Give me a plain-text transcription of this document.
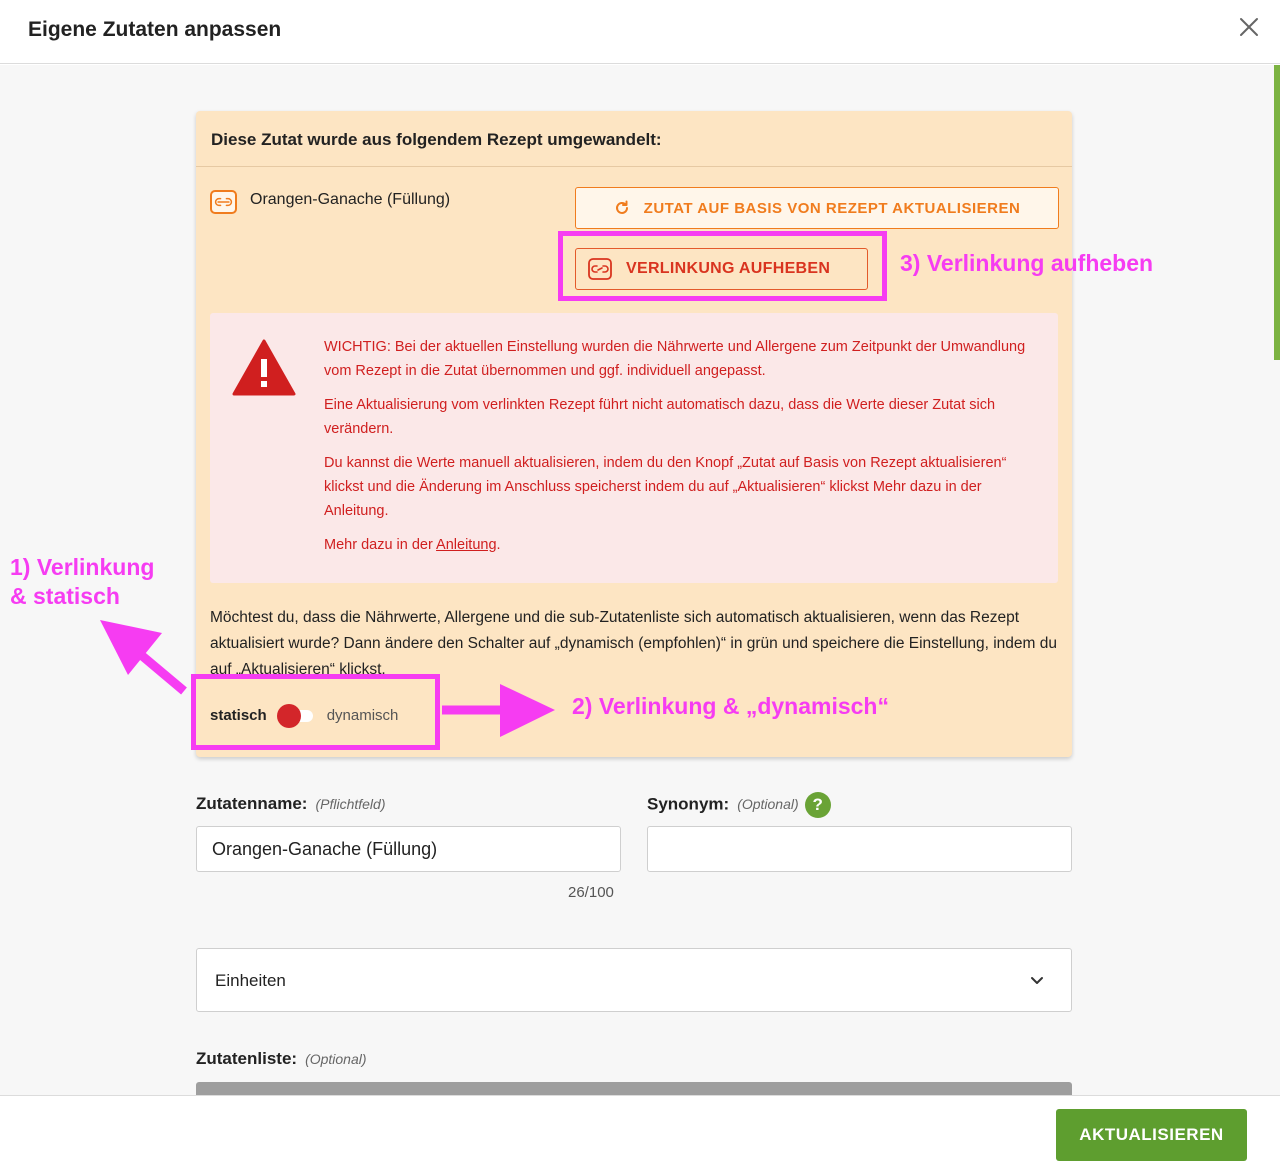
Eigene Zutaten anpassen
Diese Zutat wurde aus folgendem Rezept umgewandelt:
Orangen-Ganache (Füllung)	ZUTAT AUF BASIS VON REZEPT AKTUALISIEREN
VERLINKUNG AUFHEBEN

WICHTIG: Bei der aktuellen Einstellung wurden die Nährwerte und Allergene zum Zeitpunkt der Umwandlung vom Rezept in die Zutat übernommen und ggf. individuell angepasst.

Eine Aktualisierung vom verlinkten Rezept führt nicht automatisch dazu, dass die Werte dieser Zutat sich verändern.

Du kannst die Werte manuell aktualisieren, indem du den Knopf „Zutat auf Basis von Rezept aktualisieren“ klickst und die Änderung im Anschluss speicherst indem du auf „Aktualisieren“ klickst Mehr dazu in der Anleitung.

Mehr dazu in der Anleitung.

Möchtest du, dass die Nährwerte, Allergene und die sub-Zutatenliste sich automatisch aktualisieren, wenn das Rezept aktualisiert wurde? Dann ändere den Schalter auf „dynamisch (empfohlen)“ in grün und speichere die Einstellung, indem du auf „Aktualisieren“ klickst.
statisch	dynamisch
Zutatenname: (Pflichtfeld)
Orangen-Ganache (Füllung)
26/100
Synonym: (Optional) ?
Einheiten
Zutatenliste: (Optional)
AKTUALISIEREN
3) Verlinkung aufheben
2) Verlinkung & „dynamisch“
1) Verlinkung
& statisch
